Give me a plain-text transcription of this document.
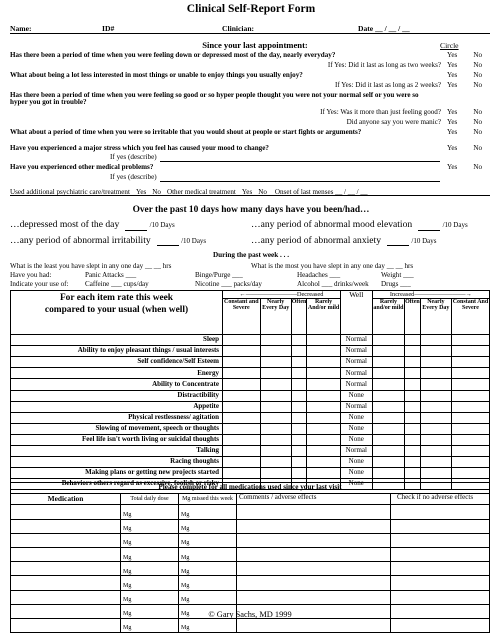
Clinical Self-Report Form
Name:	ID#	Clinician:	Date __ / __ / __
Since your last appointment:	Circle
Has there been a period of time when you were feeling down or depressed most of the day, nearly everyday?	Yes No
If Yes: Did it last as long as two weeks? Yes No
What about being a lot less interested in most things or unable to enjoy things you usually enjoy?	Yes No
If Yes: Did it last as long as 2 weeks? Yes No
Has there been a period of time when you were feeling so good or so hyper people thought you were not your normal self or you were so hyper you got in trouble?
If Yes: Was it more than just feeling good? Yes No
Did anyone say you were manic? Yes No
What about a period of time when you were so irritable that you would shout at people or start fights or arguments?	Yes No
Have you experienced a major stress which you feel has caused your mood to change?	Yes No
If yes (describe)
Have you experienced other medical problems?	Yes No
If yes (describe)
Used additional psychiatric care/treatment Yes No Other medical treatment Yes No Onset of last menses __ / __ / __
Over the past 10 days how many days have you been/had…
…depressed most of the day	/10 Days	…any period of abnormal mood elevation	/10 Days
…any period of abnormal irritability	/10 Days	…any period of abnormal anxiety	/10 Days
During the past week . . .
What is the least you have slept in any one day __ __ hrs	What is the most you have slept in any one day __ __ hrs
Have you had:	Panic Attacks ___	Binge/Purge ___	Headaches ___	Weight ___
Indicate your use of:	Caffeine ___ cups/day	Nicotine ___ packs/day	Alcohol ___ drinks/week	Drugs ___
For each item rate this week
compared to your usual (when well)	←————————Decreased				Well	Increased————————→			
	Constant and Severe	Nearly Every Day	Often	Rarely And/or mild		Rarely and/or mild	Often	Nearly Every Day	Constant And Severe
Sleep					Normal				
Ability to enjoy pleasant things / usual interests					Normal				
Self confidence/Self Esteem					Normal				
Energy					Normal				
Ability to Concentrate					Normal				
Distractibility					None				
Appetite					Normal				
Physical restlessness/ agitation					None				
Slowing of movement, speech or thoughts					None				
Feel life isn't worth living or suicidal thoughts					None				
Talking					Normal				
Racing thoughts					None				
Making plans or getting new projects started					None				
Behaviors others regard as excessive, foolish or risky					None				
Please complete for all medications used since your last visit				
Medication	Total daily dose	Mg missed this week	Comments / adverse effects	Check if no adverse effects
	Mg	Mg		
	Mg	Mg		
	Mg	Mg		
	Mg	Mg		
	Mg	Mg		
	Mg	Mg		
	Mg	Mg		
	Mg	Mg		
	Mg	Mg		
© Gary Sachs, MD 1999
